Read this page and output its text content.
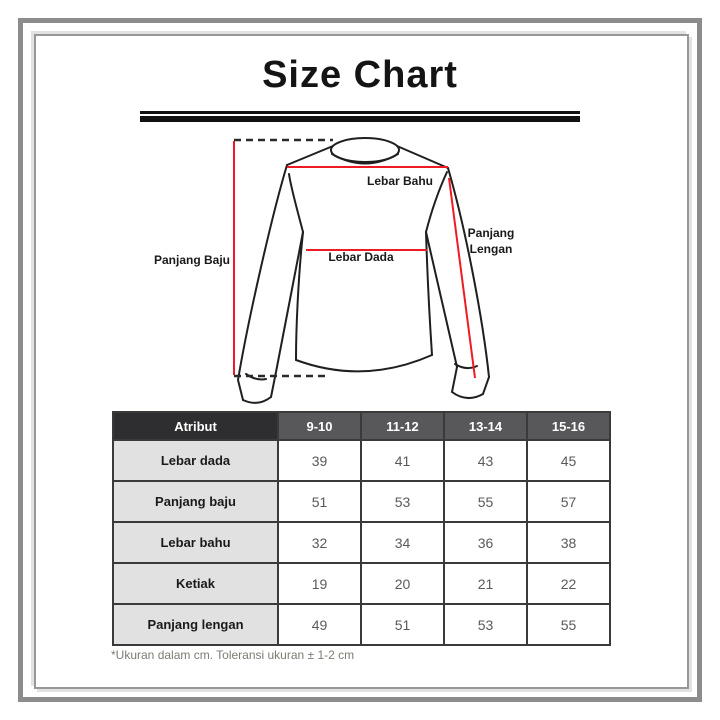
Size Chart
Lebar Bahu
Lebar Dada
Panjang
Lengan
Panjang Baju
Atribut	9-10	11-12	13-14	15-16
Lebar dada	39	41	43	45
Panjang baju	51	53	55	57
Lebar bahu	32	34	36	38
Ketiak	19	20	21	22
Panjang lengan	49	51	53	55
*Ukuran dalam cm. Toleransi ukuran ± 1-2 cm
